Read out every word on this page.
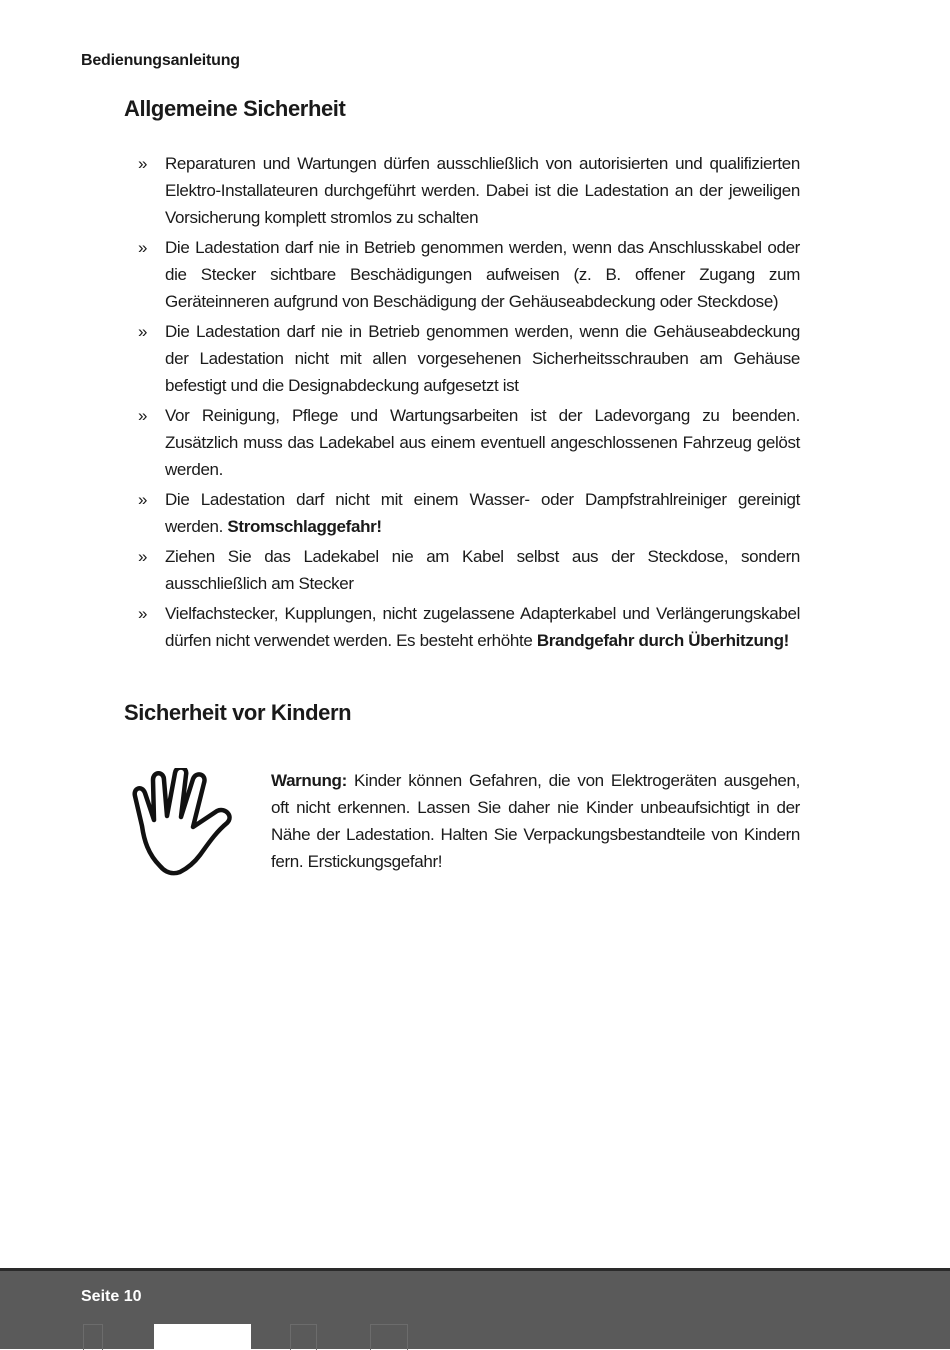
Bedienungsanleitung
Allgemeine Sicherheit
» Reparaturen und Wartungen dürfen ausschließlich von autorisierten und qualifizierten Elektro-Installateuren durchgeführt werden. Dabei ist die Ladestation an der jeweiligen Vorsicherung komplett stromlos zu schalten
» Die Ladestation darf nie in Betrieb genommen werden, wenn das Anschlusskabel oder die Stecker sichtbare Beschädigungen aufweisen (z. B. offener Zugang zum Geräteinneren aufgrund von Beschädigung der Gehäuseabdeckung oder Steckdose)
» Die Ladestation darf nie in Betrieb genommen werden, wenn die Gehäuseabdeckung der Ladestation nicht mit allen vorgesehenen Sicherheitsschrauben am Gehäuse befestigt und die Designabdeckung aufgesetzt ist
» Vor Reinigung, Pflege und Wartungsarbeiten ist der Ladevorgang zu beenden. Zusätzlich muss das Ladekabel aus einem eventuell angeschlossenen Fahrzeug gelöst werden.
» Die Ladestation darf nicht mit einem Wasser- oder Dampfstrahlreiniger gereinigt werden. Stromschlaggefahr!
» Ziehen Sie das Ladekabel nie am Kabel selbst aus der Steckdose, sondern ausschließlich am Stecker
» Vielfachstecker, Kupplungen, nicht zugelassene Adapterkabel und Verlängerungskabel dürfen nicht verwendet werden. Es besteht erhöhte Brandgefahr durch Überhitzung!
Sicherheit vor Kindern
Warnung: Kinder können Gefahren, die von Elektrogeräten ausgehen, oft nicht erkennen. Lassen Sie daher nie Kinder unbeaufsichtigt in der Nähe der Ladestation. Halten Sie Verpackungsbestandteile von Kindern fern. Erstickungsgefahr!
Seite 10
